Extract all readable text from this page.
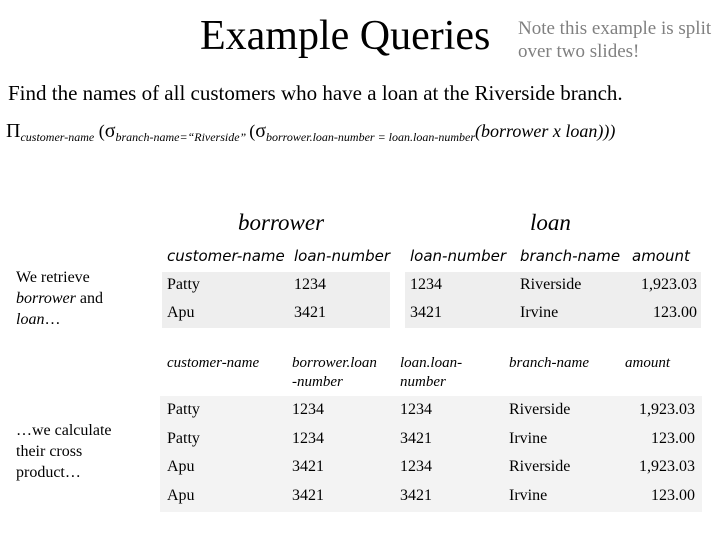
Example Queries Note this example is split over two slides!
Find the names of all customers who have a loan at the Riverside branch.
$\Pi_{customer-name}$ ($\sigma_{branch-name=“Riverside”}$ ($\sigma_{borrower.loan-number = loan.loan-number}(borrower$ x loan)))
borrower	loan
We retrieve
borrower and
loan…
…we calculate
their cross
product…
customer-name loan-number
Patty	1234
Apu	3421
loan-number branch-name amount
1234	Riverside	1,923.03
3421	Irvine	123.00
customer-name borrower.loan
-number
loan.loan-
number
branch-name amount
Patty	1234	1234	Riverside	1,923.03
Patty	1234	3421	Irvine	123.00
Apu	3421	1234	Riverside	1,923.03
Apu	3421	3421	Irvine	123.00
